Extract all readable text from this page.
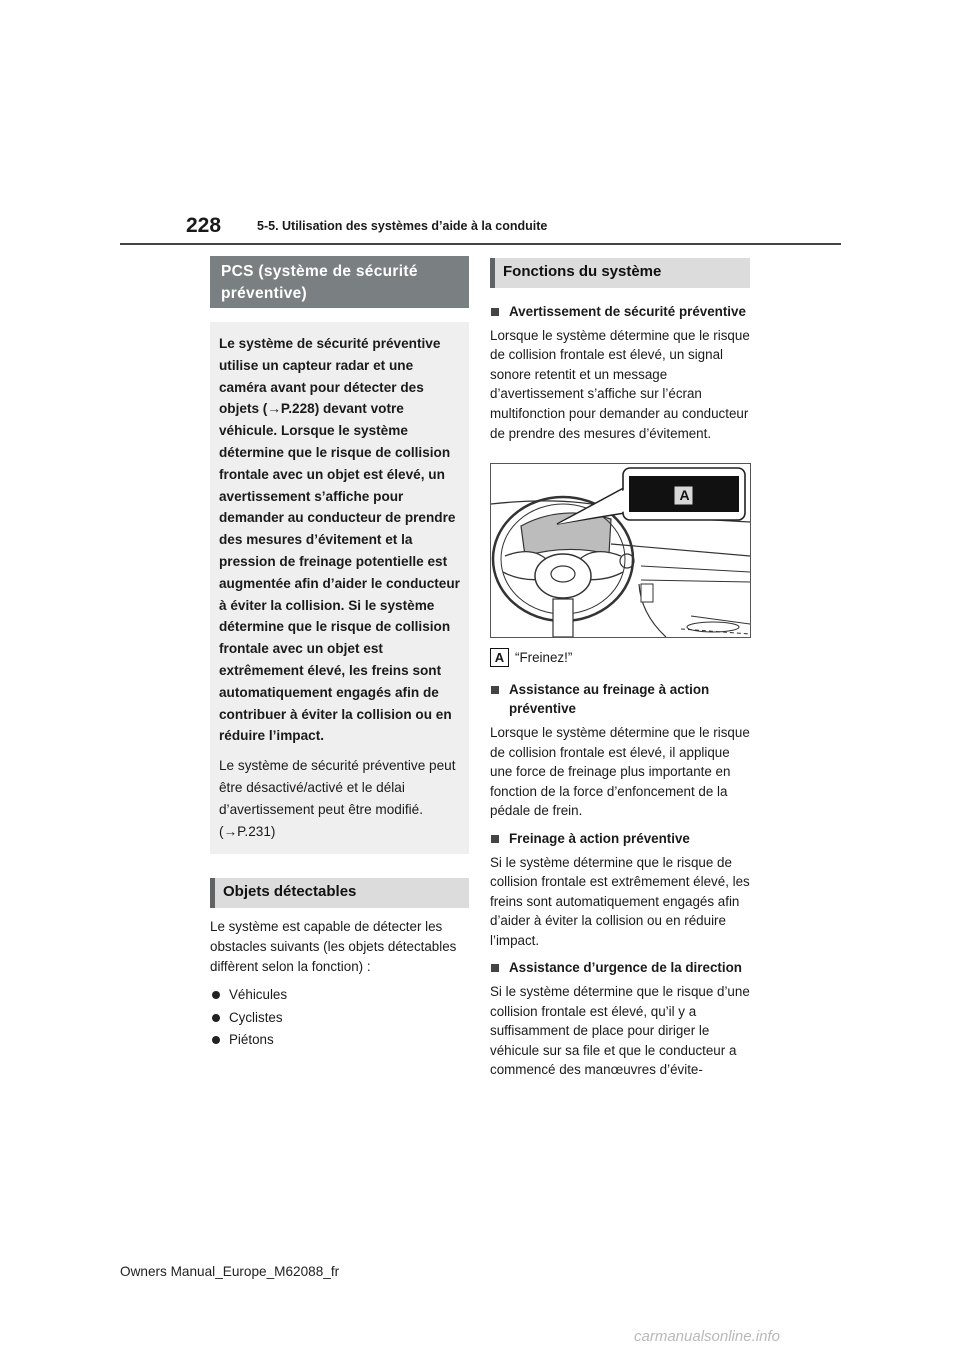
228	5-5. Utilisation des systèmes d’aide à la conduite
PCS (système de sécurité préventive)

Le système de sécurité préventive utilise un capteur radar et une caméra avant pour détecter des objets (→P.228) devant votre véhicule. Lorsque le système détermine que le risque de collision frontale avec un objet est élevé, un avertissement s’affiche pour demander au conducteur de prendre des mesures d’évitement et la pression de freinage potentielle est augmentée afin d’aider le conducteur à éviter la collision. Si le système détermine que le risque de collision frontale avec un objet est extrêmement élevé, les freins sont automatiquement engagés afin de contribuer à éviter la collision ou en réduire l’impact.

Le système de sécurité préventive peut être désactivé/activé et le délai d’avertissement peut être modifié. (→P.231)

Objets détectables

Le système est capable de détecter les obstacles suivants (les objets détectables diffèrent selon la fonction) :

Véhicules
Cyclistes
Piétons
Fonctions du système
Avertissement de sécurité préventive

Lorsque le système détermine que le risque de collision frontale est élevé, un signal sonore retentit et un message d’avertissement s’affiche sur l’écran multifonction pour demander au conducteur de prendre des mesures d’évitement.

A
A “Freinez!”
Assistance au freinage à action préventive

Lorsque le système détermine que le risque de collision frontale est élevé, il applique une force de freinage plus importante en fonction de la force d’enfoncement de la pédale de frein.

Freinage à action préventive

Si le système détermine que le risque de collision frontale est extrêmement élevé, les freins sont automatiquement engagés afin d’aider à éviter la collision ou en réduire l’impact.

Assistance d’urgence de la direction

Si le système détermine que le risque d’une collision frontale est élevé, qu’il y a suffisamment de place pour diriger le véhicule sur sa file et que le conducteur a commencé des manœuvres d’évite-

Owners Manual_Europe_M62088_fr
carmanualsonline.info
